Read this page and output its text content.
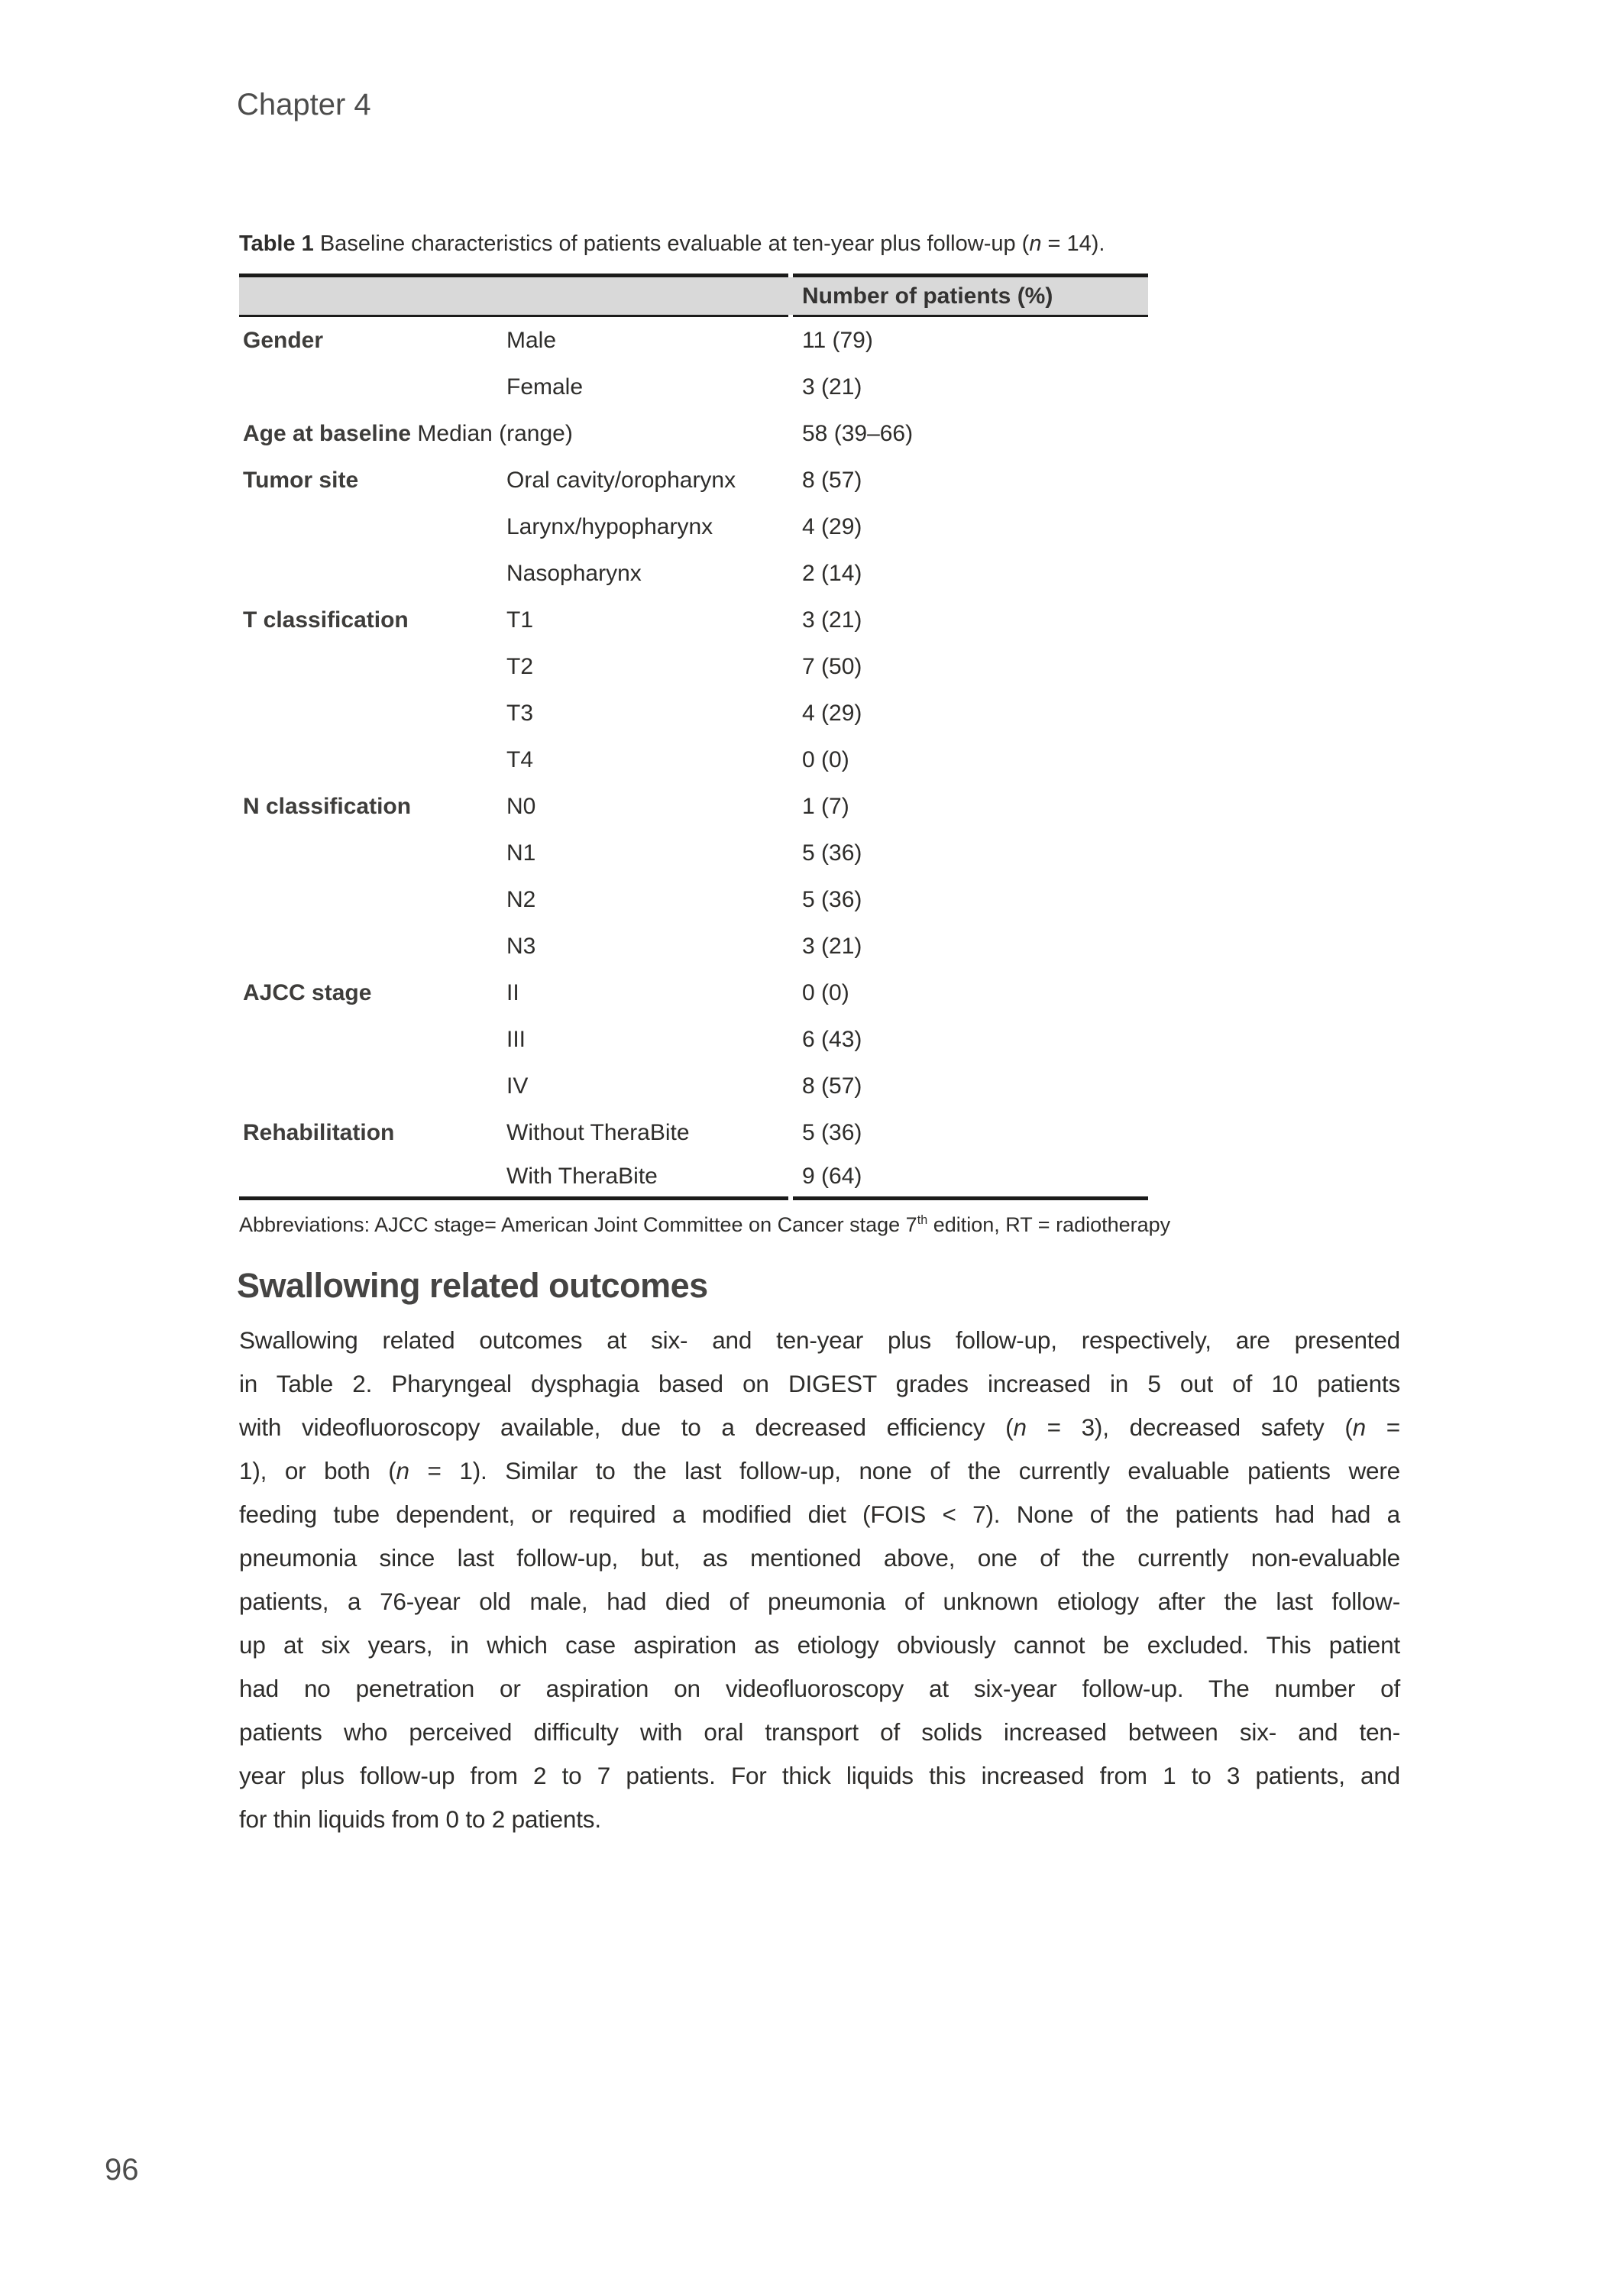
Chapter 4
Table 1 Baseline characteristics of patients evaluable at ten-year plus follow-up (n = 14).
Number of patients (%)
Gender	Male	11 (79)
Female	3 (21)
Age at baseline Median (range)	58 (39–66)
Tumor site	Oral cavity/oropharynx	8 (57)
Larynx/hypopharynx	4 (29)
Nasopharynx	2 (14)
T classification	T1	3 (21)
T2	7 (50)
T3	4 (29)
T4	0 (0)
N classification	N0	1 (7)
N1	5 (36)
N2	5 (36)
N3	3 (21)
AJCC stage	II	0 (0)
III	6 (43)
IV	8 (57)
Rehabilitation	Without TheraBite	5 (36)
With TheraBite	9 (64)
Abbreviations: AJCC stage= American Joint Committee on Cancer stage 7th edition, RT = radiotherapy
Swallowing related outcomes
Swallowing related outcomes at six- and ten-year plus follow-up, respectively, are presented
in Table 2. Pharyngeal dysphagia based on DIGEST grades increased in 5 out of 10 patients
with videofluoroscopy available, due to a decreased efficiency (n = 3), decreased safety (n =
1), or both (n = 1). Similar to the last follow-up, none of the currently evaluable patients were
feeding tube dependent, or required a modified diet (FOIS < 7). None of the patients had had a
pneumonia since last follow-up, but, as mentioned above, one of the currently non-evaluable
patients, a 76-year old male, had died of pneumonia of unknown etiology after the last follow-
up at six years, in which case aspiration as etiology obviously cannot be excluded. This patient
had no penetration or aspiration on videofluoroscopy at six-year follow-up. The number of
patients who perceived difficulty with oral transport of solids increased between six- and ten-
year plus follow-up from 2 to 7 patients. For thick liquids this increased from 1 to 3 patients, and
for thin liquids from 0 to 2 patients.
96
